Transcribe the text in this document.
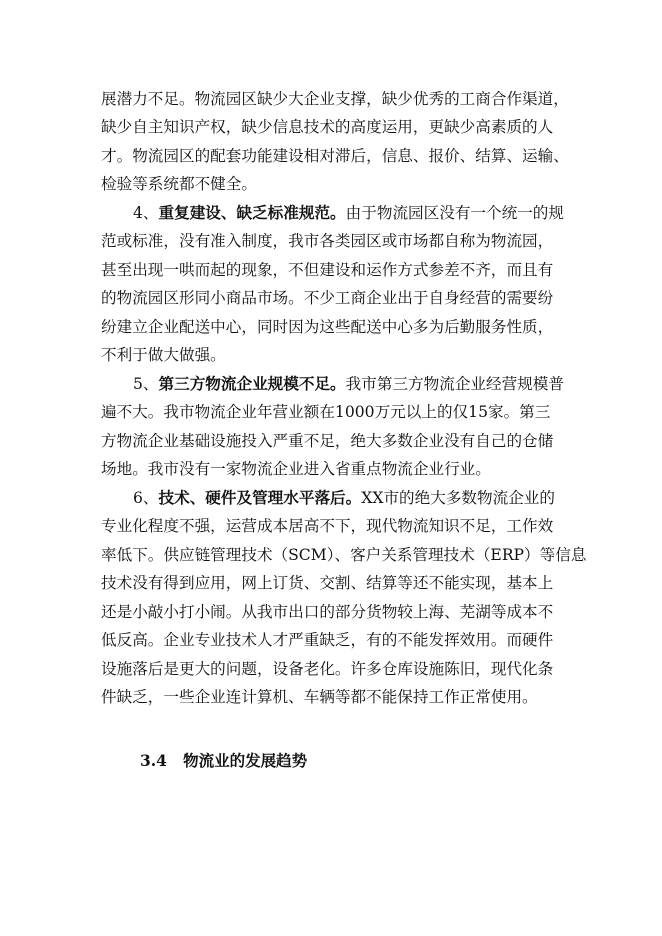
展潜力不足。物流园区缺少大企业支撑，缺少优秀的工商合作渠道，
缺少自主知识产权，缺少信息技术的高度运用，更缺少高素质的人
才。物流园区的配套功能建设相对滞后，信息、报价、结算、运输、
检验等系统都不健全。
4、重复建设、缺乏标准规范。由于物流园区没有一个统一的规
范或标准，没有准入制度，我市各类园区或市场都自称为物流园，
甚至出现一哄而起的现象，不但建设和运作方式参差不齐，而且有
的物流园区形同小商品市场。不少工商企业出于自身经营的需要纷
纷建立企业配送中心，同时因为这些配送中心多为后勤服务性质，
不利于做大做强。
5、第三方物流企业规模不足。我市第三方物流企业经营规模普
遍不大。我市物流企业年营业额在1000万元以上的仅15家。第三
方物流企业基础设施投入严重不足，绝大多数企业没有自己的仓储
场地。我市没有一家物流企业进入省重点物流企业行业。
6、技术、硬件及管理水平落后。XX市的绝大多数物流企业的
专业化程度不强，运营成本居高不下，现代物流知识不足，工作效
率低下。供应链管理技术（SCM）、客户关系管理技术（ERP）等信息
技术没有得到应用，网上订货、交割、结算等还不能实现，基本上
还是小敲小打小闹。从我市出口的部分货物较上海、芜湖等成本不
低反高。企业专业技术人才严重缺乏，有的不能发挥效用。而硬件
设施落后是更大的问题，设备老化。许多仓库设施陈旧，现代化条
件缺乏，一些企业连计算机、车辆等都不能保持工作正常使用。
3.4 物流业的发展趋势
